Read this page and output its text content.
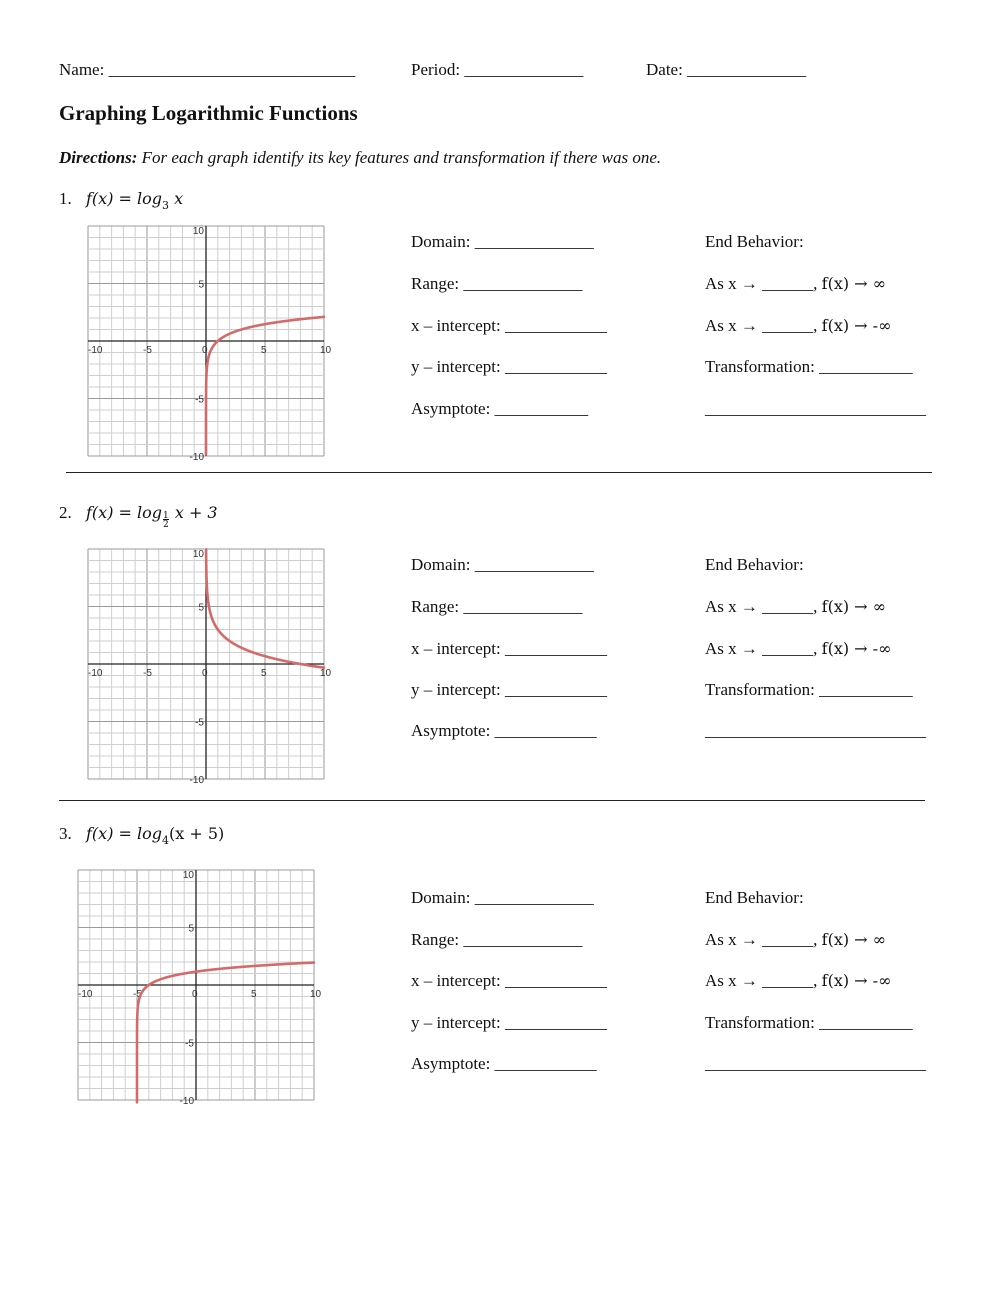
Name: _____________________________	Period: ______________	Date: ______________
Graphing Logarithmic Functions
Directions: For each graph identify its key features and transformation if there was one.
1. $f(x) = \log_3 x$
-10	-5	0	5	10
10
5
-5
-10
Domain: ______________
Range: ______________
x – intercept: ____________
y – intercept: ____________
Asymptote: ___________
End Behavior:
As x → ______, f(x) → ∞
As x → ______, f(x) → -∞
Transformation: ___________
__________________________
2. $f(x) = \log\frac{1}{2} x + 3$
-10	-5	0	5	10
10
5
-5
-10
Domain: ______________
Range: ______________
x – intercept: ____________
y – intercept: ____________
Asymptote: ____________
End Behavior:
As x → ______, f(x) → ∞
As x → ______, f(x) → -∞
Transformation: ___________
__________________________
3. $f(x) = \log_4(x + 5)$
-10	-5	0	5	10
10
5
-5
-10
Domain: ______________
Range: ______________
x – intercept: ____________
y – intercept: ____________
Asymptote: ____________
End Behavior:
As x → ______, f(x) → ∞
As x → ______, f(x) → -∞
Transformation: ___________
__________________________
